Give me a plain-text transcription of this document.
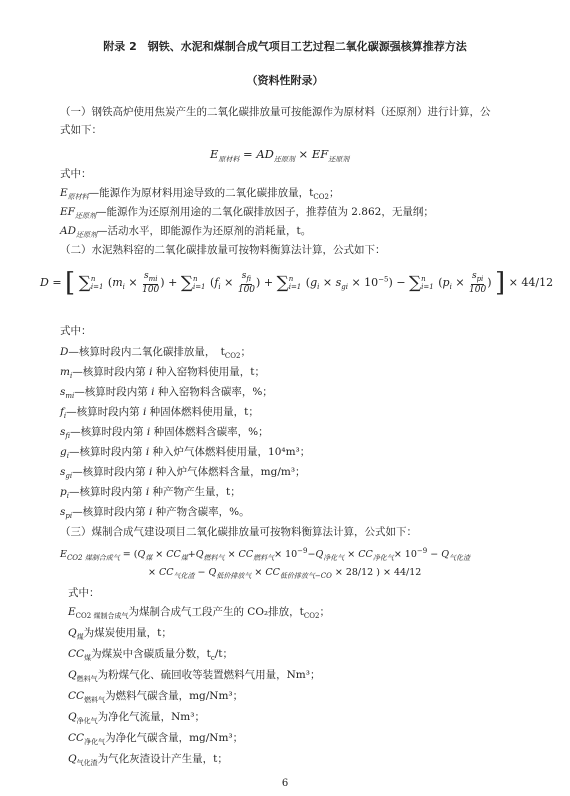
附录 2　钢铁、水泥和煤制合成气项目工艺过程二氧化碳源强核算推荐方法
（资料性附录）
（一）钢铁高炉使用焦炭产生的二氧化碳排放量可按能源作为原材料（还原剂）进行计算，公
式如下：
$E_{原材料} = AD_{还原剂} \times EF_{还原剂}$
式中：
$E_{原材料}—$能源作为原材料用途导致的二氧化碳排放量，$t_{CO2}$；
$EF_{还原剂}—$能源作为还原剂用途的二氧化碳排放因子，推荐值为 2.862，无量纲；
$AD_{还原剂}—$活动水平，即能源作为还原剂的消耗量，t。
（二）水泥熟料窑的二氧化碳排放量可按物料衡算法计算，公式如下：
D = [ ∑ n
i=1 ($m_i \times \frac{s_{mi}}{100}$ ) + ∑ n
i=1 ($f_i \times \frac{s_{fi}}{100}$ ) + ∑ n
i=1 $(g_i \times s_{gi} \times 10^{-5})$ − ∑ n
i=1 ($p_i \times \frac{s_{pi}}{100}$ ) ] × 44/12
式中：
D—核算时段内二氧化碳排放量，　$t_{CO2}$；
$m_i—$核算时段内第 i 种入窑物料使用量，t；
$s_{mi}—$核算时段内第 i 种入窑物料含碳率，%；
$f_i—$核算时段内第 i 种固体燃料使用量，t；
$s_{fi}—$核算时段内第 i 种固体燃料含碳率，%；
$g_i—$核算时段内第 i 种入炉气体燃料使用量，10⁴m³；
$s_{gi}—$核算时段内第 i 种入炉气体燃料含量，mg/m³；
$p_i—$核算时段内第 i 种产物产生量，t；
$s_{pi}—$核算时段内第 i 种产物含碳率，%。
（三）煤制合成气建设项目二氧化碳排放量可按物料衡算法计算，公式如下：
$E_{CO2 煤制合成气} = (Q_煤 \times CC_煤+Q_{燃料气} \times CC_{燃料气}\times 10^{-9}-Q_{净化气} \times CC_{净化气}\times 10^{-9} - Q_{气化渣}$
× $CC_{气化渣} - Q_{低价排放气} \times CC_{低价排放气-CO} \times 28/12$ ) × 44/12
式中：
$E_{CO2 煤制合成气}$为煤制合成气工段产生的 CO₂排放，$t_{CO2}$；
$Q_煤$为煤炭使用量，t；
$CC_煤$为煤炭中含碳质量分数，$t_c/t$；
$Q_{燃料气}$为粉煤气化、硫回收等装置燃料气用量，Nm³；
$CC_{燃料气}$为燃料气碳含量，mg/Nm³；
$Q_{净化气}$为净化气流量，Nm³；
$CC_{净化气}$为净化气碳含量，mg/Nm³；
$Q_{气化渣}$为气化灰渣设计产生量，t；
6
